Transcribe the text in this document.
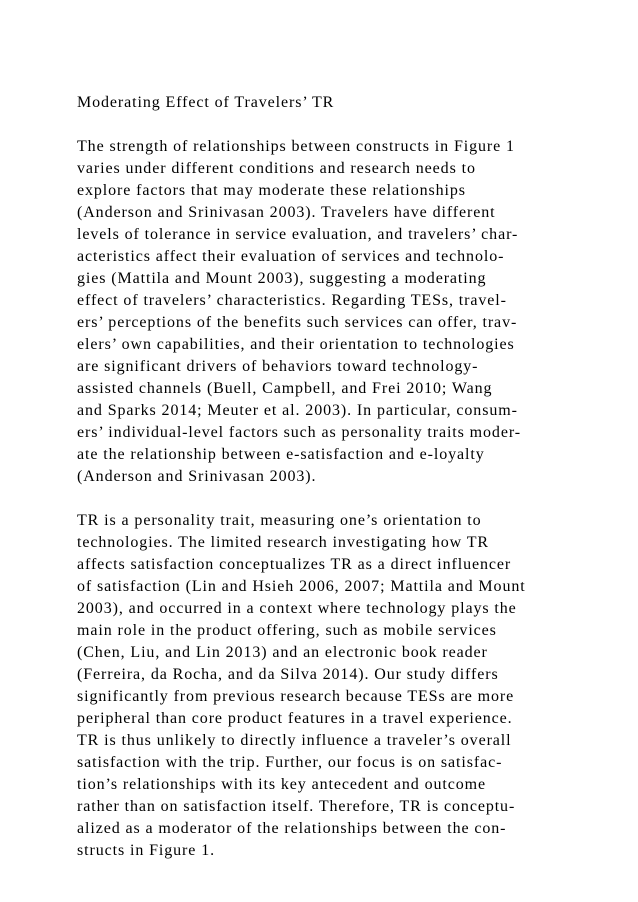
Moderating Effect of Travelers’ TR
The strength of relationships between constructs in Figure 1
varies under different conditions and research needs to
explore factors that may moderate these relationships
(Anderson and Srinivasan 2003). Travelers have different
levels of tolerance in service evaluation, and travelers’ char-
acteristics affect their evaluation of services and technolo-
gies (Mattila and Mount 2003), suggesting a moderating
effect of travelers’ characteristics. Regarding TESs, travel-
ers’ perceptions of the benefits such services can offer, trav-
elers’ own capabilities, and their orientation to technologies
are significant drivers of behaviors toward technology-
assisted channels (Buell, Campbell, and Frei 2010; Wang
and Sparks 2014; Meuter et al. 2003). In particular, consum-
ers’ individual-level factors such as personality traits moder-
ate the relationship between e-satisfaction and e-loyalty
(Anderson and Srinivasan 2003).
TR is a personality trait, measuring one’s orientation to
technologies. The limited research investigating how TR
affects satisfaction conceptualizes TR as a direct influencer
of satisfaction (Lin and Hsieh 2006, 2007; Mattila and Mount
2003), and occurred in a context where technology plays the
main role in the product offering, such as mobile services
(Chen, Liu, and Lin 2013) and an electronic book reader
(Ferreira, da Rocha, and da Silva 2014). Our study differs
significantly from previous research because TESs are more
peripheral than core product features in a travel experience.
TR is thus unlikely to directly influence a traveler’s overall
satisfaction with the trip. Further, our focus is on satisfac-
tion’s relationships with its key antecedent and outcome
rather than on satisfaction itself. Therefore, TR is conceptu-
alized as a moderator of the relationships between the con-
structs in Figure 1.
